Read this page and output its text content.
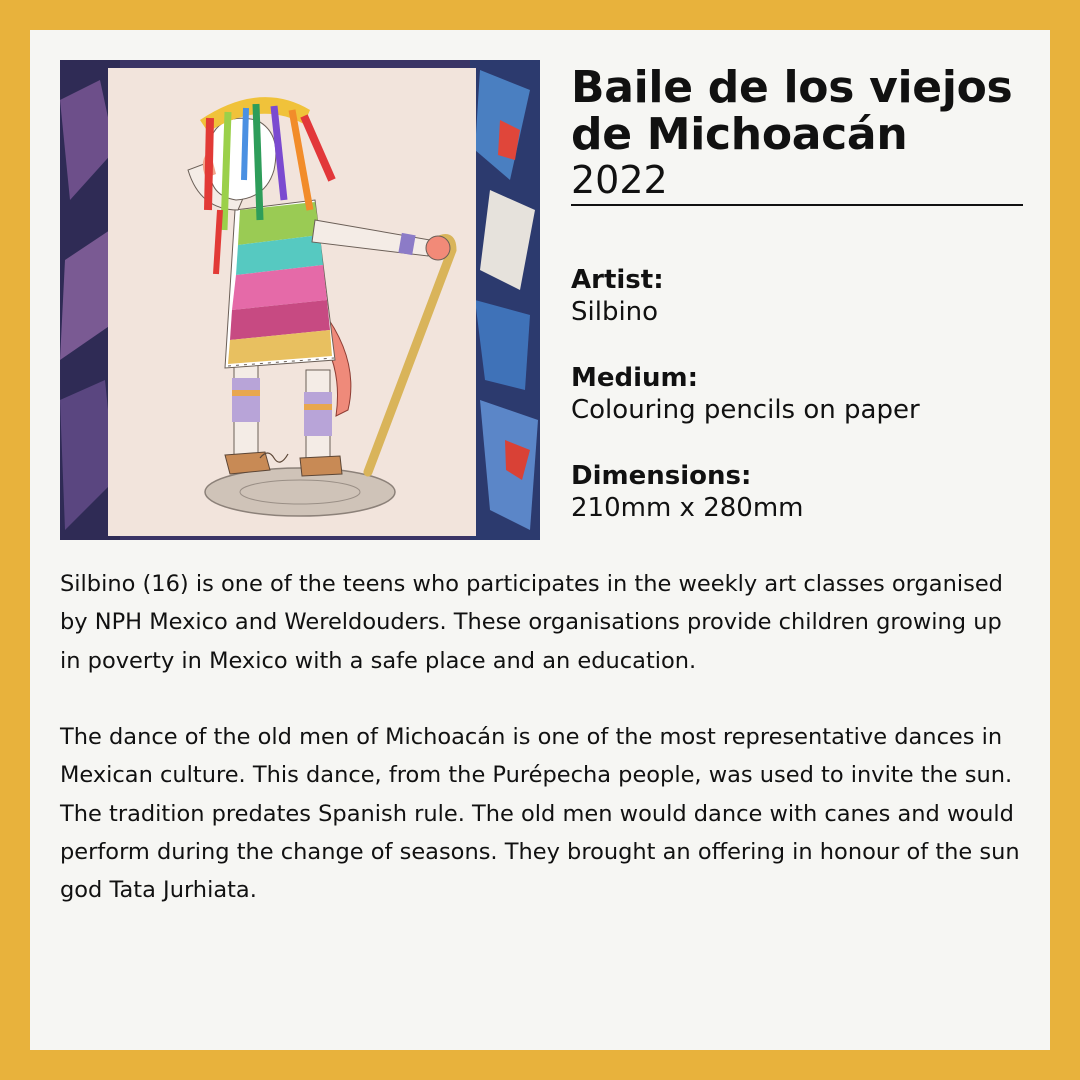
Baile de los viejos
de Michoacán
2022
Artist:
Silbino
Medium:
Colouring pencils on paper
Dimensions:
210mm x 280mm

Silbino (16) is one of the teens who participates in the weekly art classes organised by NPH Mexico and Wereldouders. These organisations provide children growing up in poverty in Mexico with a safe place and an education.

The dance of the old men of Michoacán is one of the most representative dances in Mexican culture. This dance, from the Purépecha people, was used to invite the sun. The tradition predates Spanish rule. The old men would dance with canes and would perform during the change of seasons. They brought an offering in honour of the sun god Tata Jurhiata.
